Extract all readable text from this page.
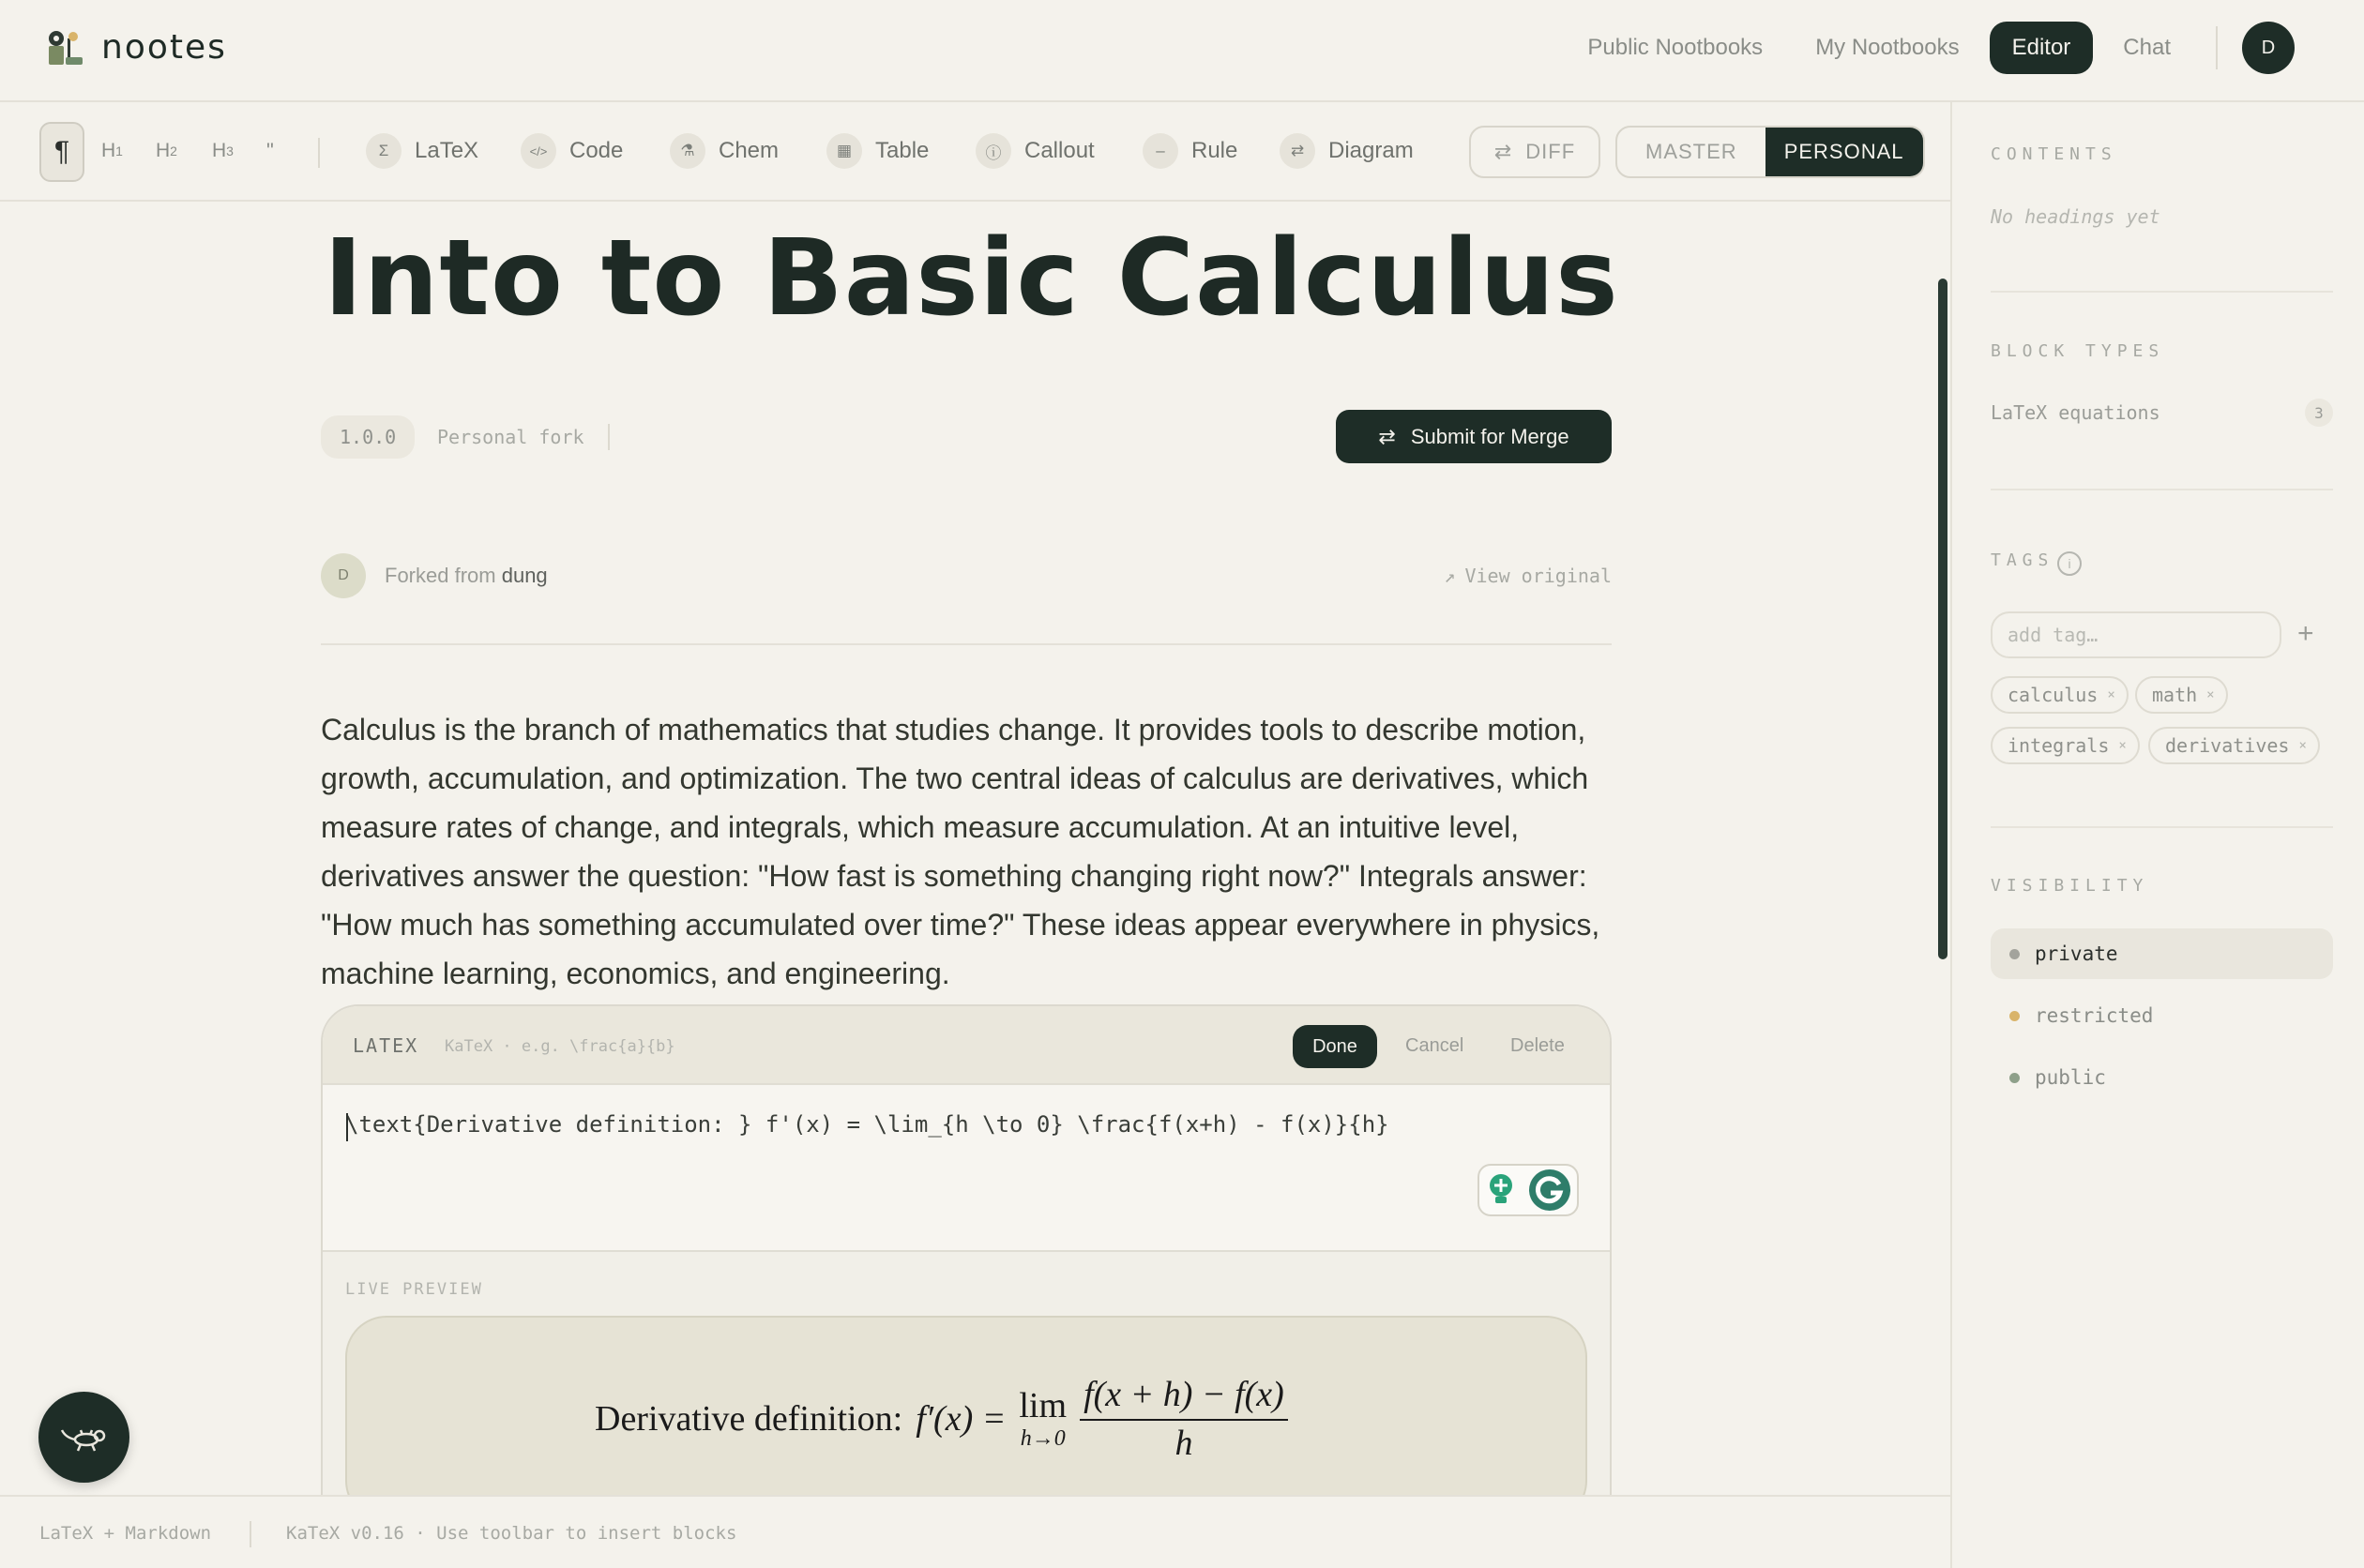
nootes	Public Nootbooks	My Nootbooks	Editor	Chat	D
¶	H 1 H 2 H 3 "	Σ	LaTeX	</> Code	⚗	Chem	▦	Table	ⓘ	Callout	–	Rule	⇄	Diagram	⇄ DIFF	MASTER	PERSONAL	CONTENTS
No headings yet
BLOCK TYPES
LaTeX equations	3
TAGS	i
add tag…
+
calculus × math ×
integrals × derivatives ×
VISIBILITY
private
restricted
public
Into to Basic Calculus
1.0.0	Personal fork	⇄ Submit for Merge
D	Forked from dung	↗ View original

Calculus is the branch of mathematics that studies change. It provides tools to describe motion, growth, accumulation, and optimization. The two central ideas of calculus are derivatives, which measure rates of change, and integrals, which measure accumulation. At an intuitive level, derivatives answer the question: "How fast is something changing right now?" Integrals answer: "How much has something accumulated over time?" These ideas appear everywhere in physics, machine learning, economics, and engineering.

LATEX KaTeX · e.g. \frac{a}{b}	Done	Cancel Delete
\text{Derivative definition: } f'(x) = \lim_{h \to 0} \frac{f(x+h) - f(x)}{h}
LIVE PREVIEW
Derivative definition: f′(x) = lim
$h\to 0 \frac{f(x + h) - f(x)}{h}$
LaTeX + Markdown	KaTeX v0.16 · Use toolbar to insert blocks
